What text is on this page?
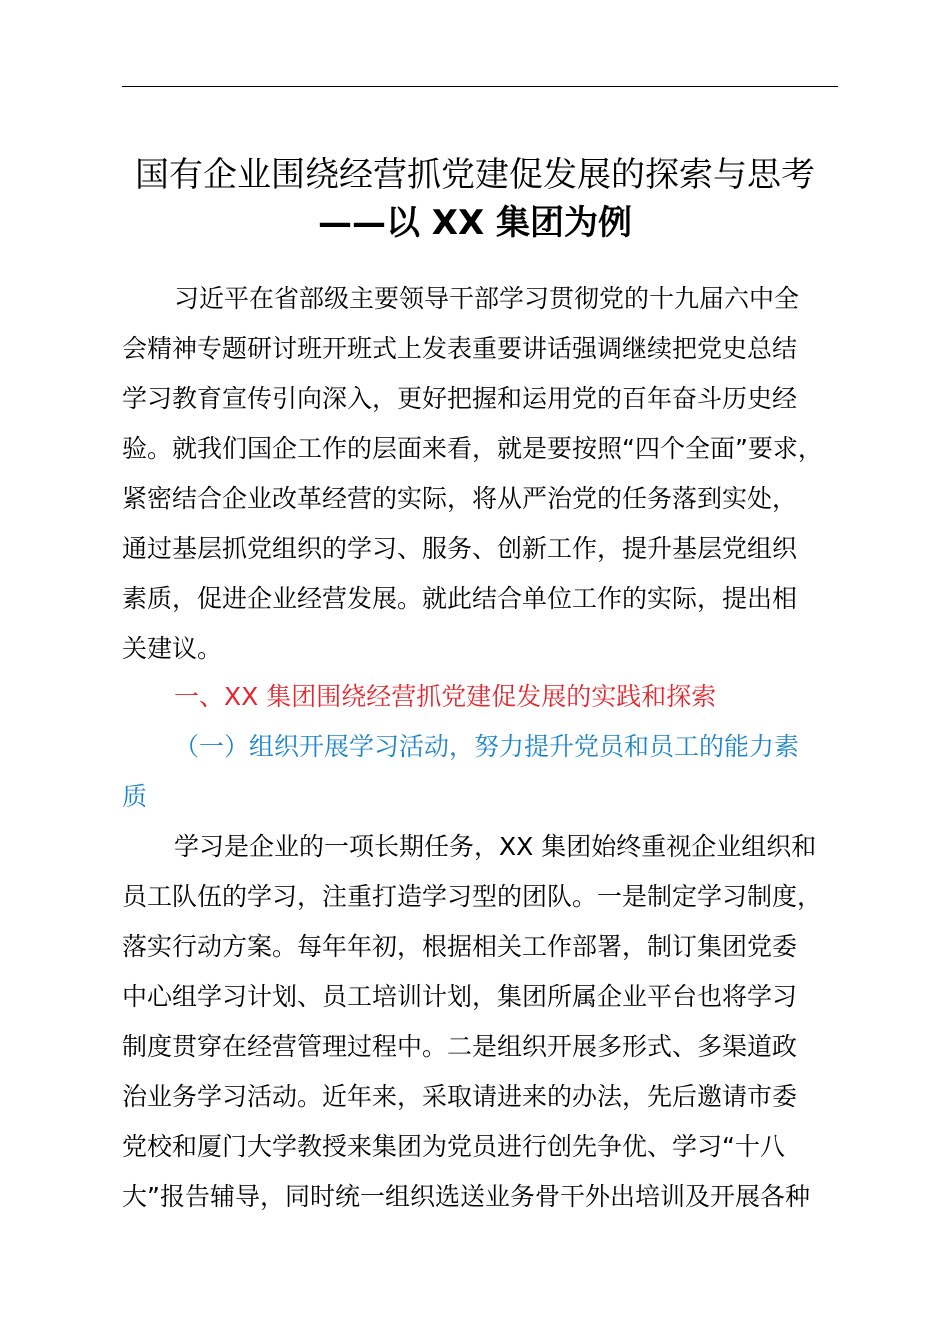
国有企业围绕经营抓党建促发展的探索与思考
——以 XX 集团为例
习近平在省部级主要领导干部学习贯彻党的十九届六中全
会精神专题研讨班开班式上发表重要讲话强调继续把党史总结
学习教育宣传引向深入，更好把握和运用党的百年奋斗历史经
验。就我们国企工作的层面来看，就是要按照“四个全面”要求，
紧密结合企业改革经营的实际，将从严治党的任务落到实处，
通过基层抓党组织的学习、服务、创新工作，提升基层党组织
素质，促进企业经营发展。就此结合单位工作的实际，提出相
关建议。
一、XX 集团围绕经营抓党建促发展的实践和探索
（一）组织开展学习活动，努力提升党员和员工的能力素
质
学习是企业的一项长期任务，XX 集团始终重视企业组织和
员工队伍的学习，注重打造学习型的团队。一是制定学习制度，
落实行动方案。每年年初，根据相关工作部署，制订集团党委
中心组学习计划、员工培训计划，集团所属企业平台也将学习
制度贯穿在经营管理过程中。二是组织开展多形式、多渠道政
治业务学习活动。近年来，采取请进来的办法，先后邀请市委
党校和厦门大学教授来集团为党员进行创先争优、学习“十八
大”报告辅导，同时统一组织选送业务骨干外出培训及开展各种
